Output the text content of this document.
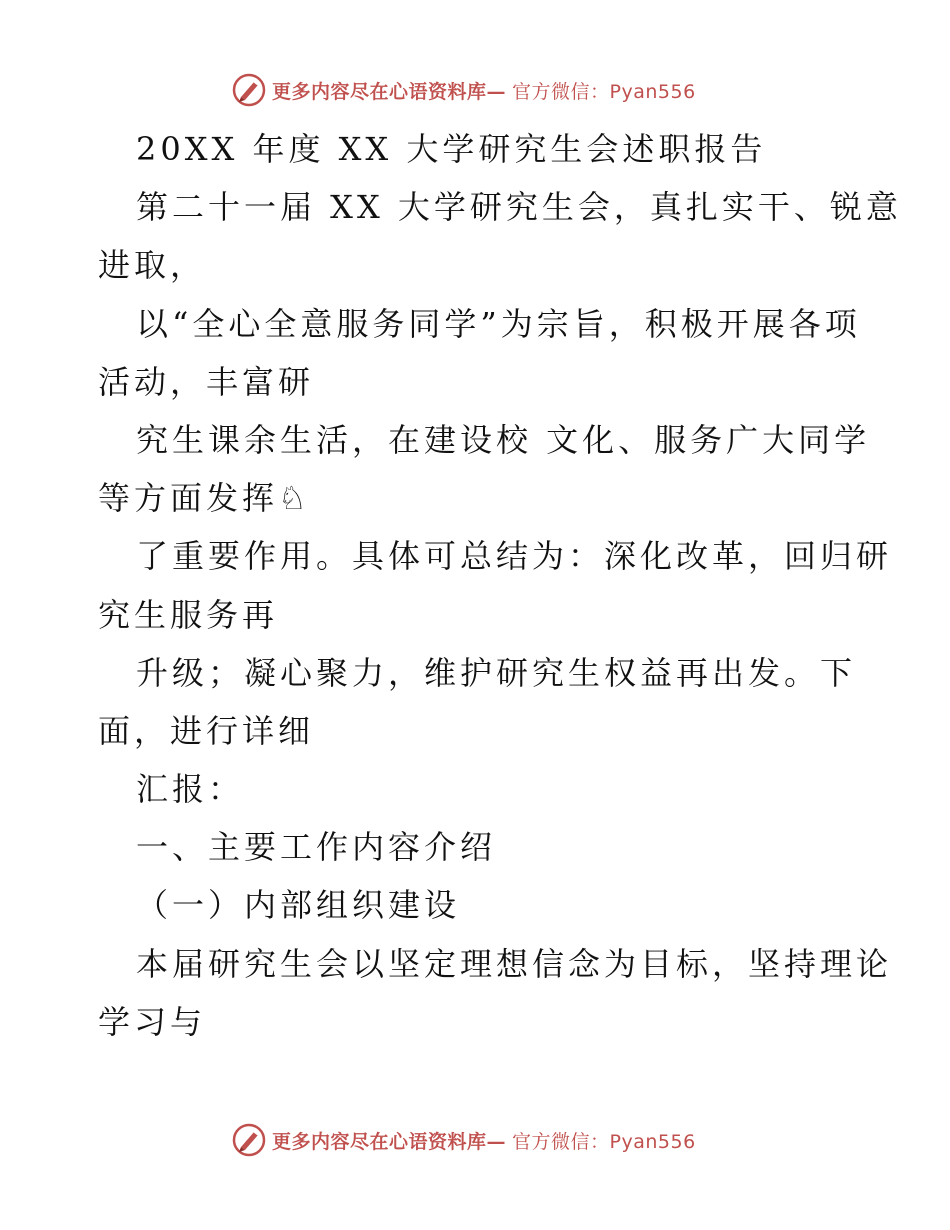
更多内容尽在心语资料库— 官方微信：Pyan556
20XX 年度 XX 大学研究生会述职报告
第二十一届 XX 大学研究生会，真扎实干、锐意
进取，
以“全心全意服务同学”为宗旨，积极开展各项
活动，丰富研
究生课余生活，在建设校 文化、服务广大同学
等方面发挥♘
了重要作用。具体可总结为：深化改革，回归研
究生服务再
升级；凝心聚力，维护研究生权益再出发。下
面，进行详细
汇报：
一、主要工作内容介绍
（一）内部组织建设
本届研究生会以坚定理想信念为目标，坚持理论
学习与
更多内容尽在心语资料库— 官方微信：Pyan556
